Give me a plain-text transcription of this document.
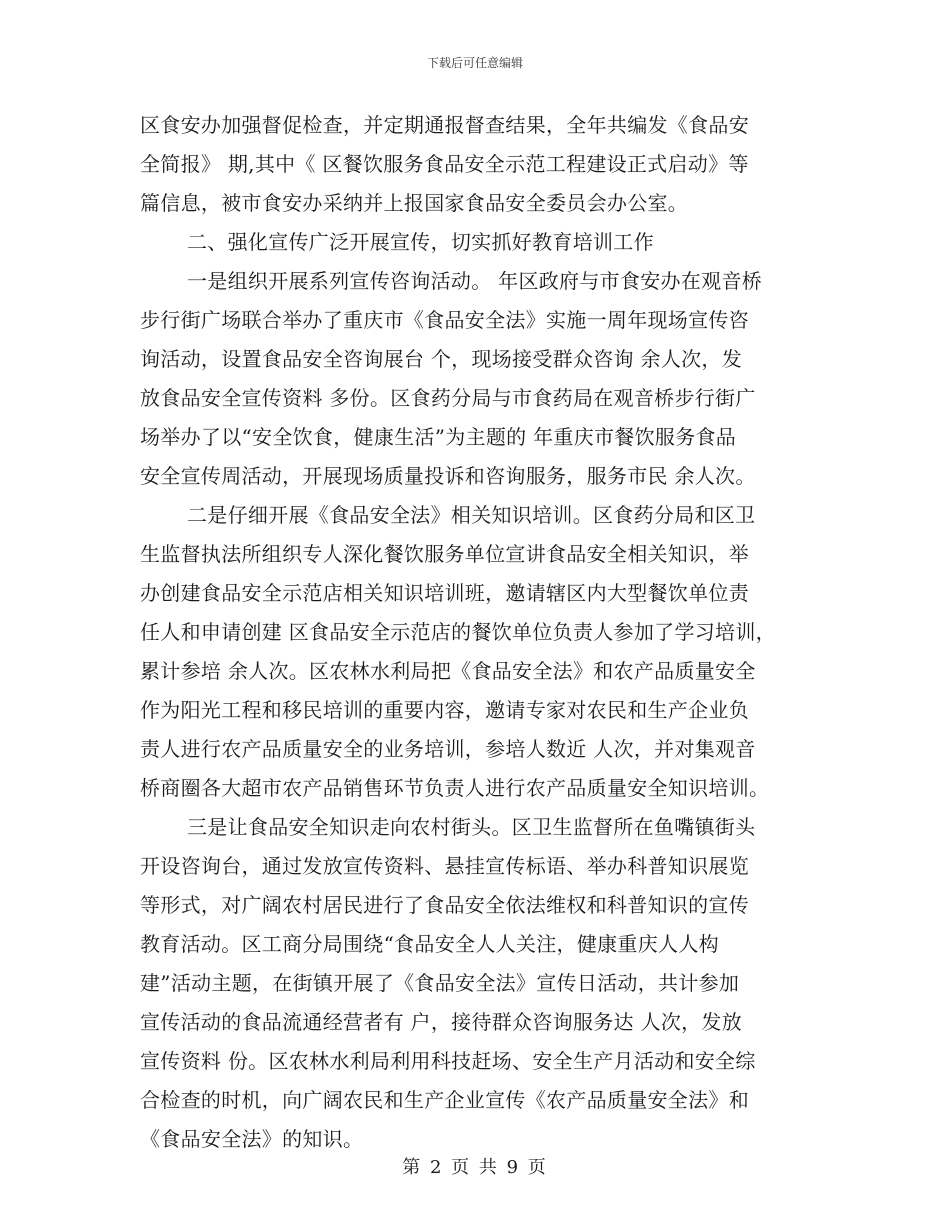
下载后可任意编辑
区食安办加强督促检查，并定期通报督查结果，全年共编发《食品安
全简报》 期,其中《 区餐饮服务食品安全示范工程建设正式启动》等
篇信息，被市食安办采纳并上报国家食品安全委员会办公室。
二、强化宣传广泛开展宣传，切实抓好教育培训工作
一是组织开展系列宣传咨询活动。 年区政府与市食安办在观音桥
步行街广场联合举办了重庆市《食品安全法》实施一周年现场宣传咨
询活动，设置食品安全咨询展台 个，现场接受群众咨询 余人次，发
放食品安全宣传资料 多份。区食药分局与市食药局在观音桥步行街广
场举办了以“安全饮食，健康生活”为主题的 年重庆市餐饮服务食品
安全宣传周活动，开展现场质量投诉和咨询服务，服务市民 余人次。
二是仔细开展《食品安全法》相关知识培训。区食药分局和区卫
生监督执法所组织专人深化餐饮服务单位宣讲食品安全相关知识，举
办创建食品安全示范店相关知识培训班，邀请辖区内大型餐饮单位责
任人和申请创建 区食品安全示范店的餐饮单位负责人参加了学习培训，
累计参培 余人次。区农林水利局把《食品安全法》和农产品质量安全
作为阳光工程和移民培训的重要内容，邀请专家对农民和生产企业负
责人进行农产品质量安全的业务培训，参培人数近 人次，并对集观音
桥商圈各大超市农产品销售环节负责人进行农产品质量安全知识培训。
三是让食品安全知识走向农村街头。区卫生监督所在鱼嘴镇街头
开设咨询台，通过发放宣传资料、悬挂宣传标语、举办科普知识展览
等形式，对广阔农村居民进行了食品安全依法维权和科普知识的宣传
教育活动。区工商分局围绕“食品安全人人关注，健康重庆人人构
建”活动主题，在街镇开展了《食品安全法》宣传日活动，共计参加
宣传活动的食品流通经营者有 户，接待群众咨询服务达 人次，发放
宣传资料 份。区农林水利局利用科技赶场、安全生产月活动和安全综
合检查的时机，向广阔农民和生产企业宣传《农产品质量安全法》和
《食品安全法》的知识。
第 2 页 共 9 页
